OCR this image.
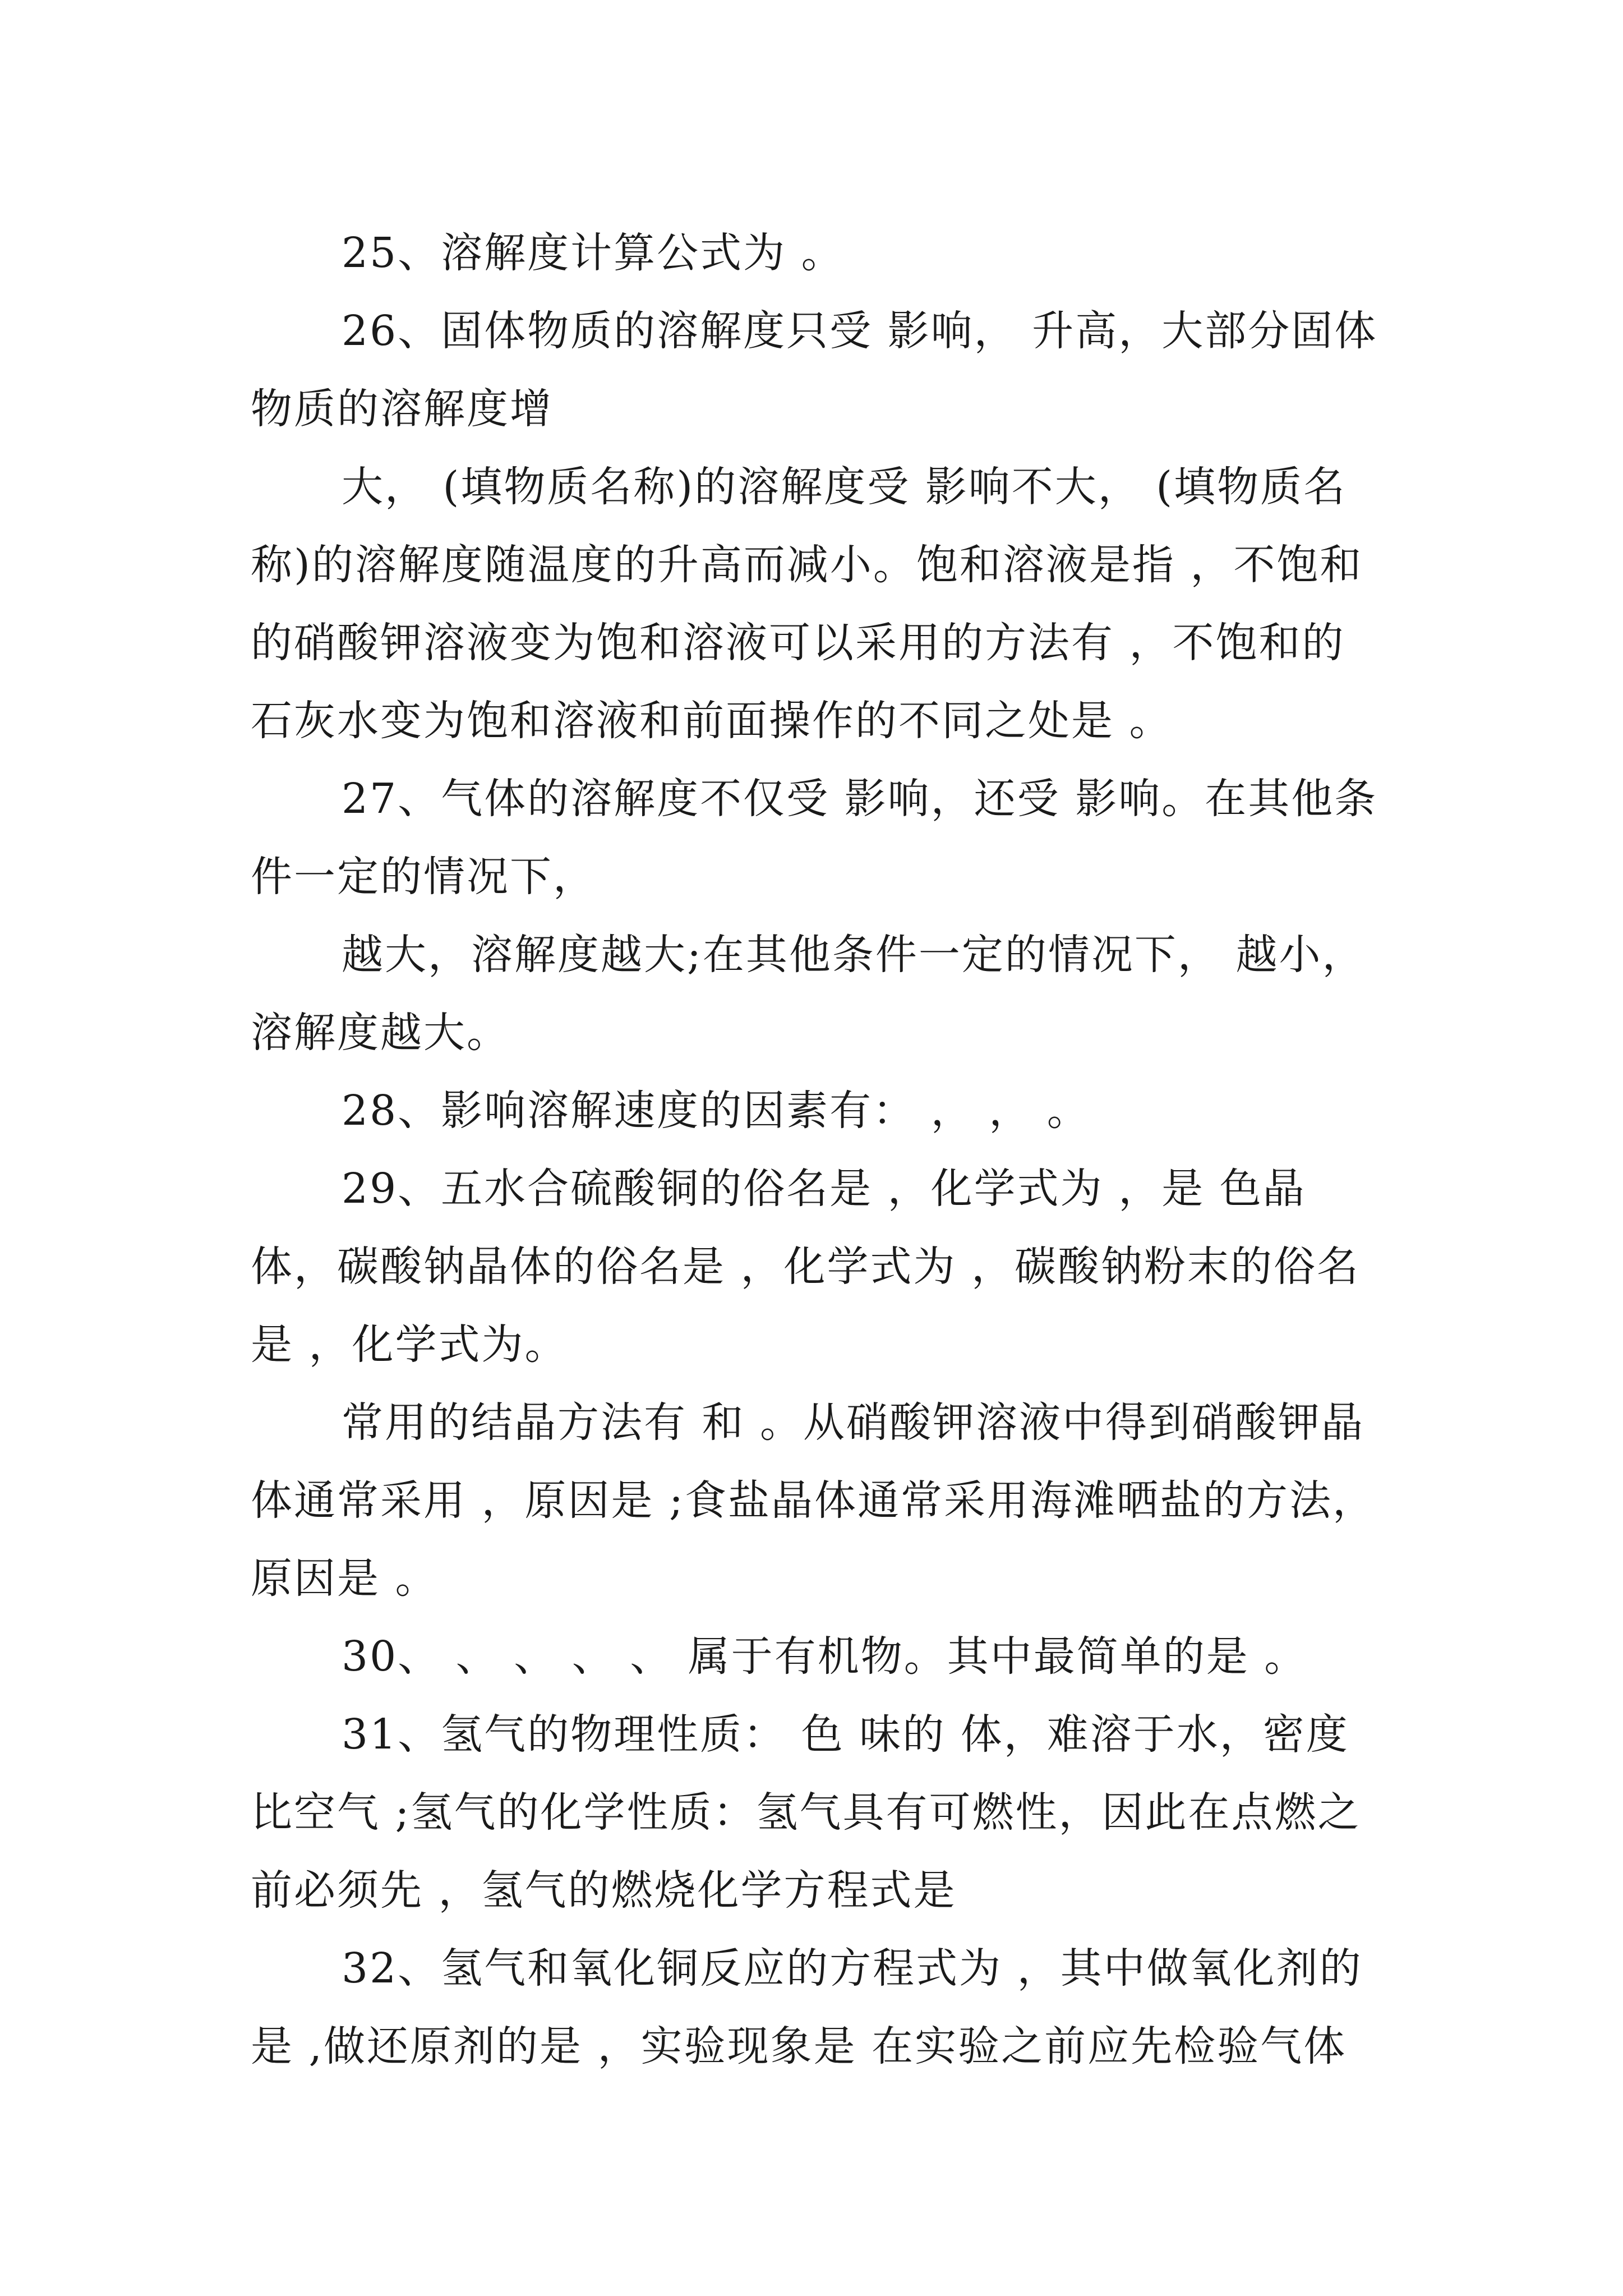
25、溶解度计算公式为 。

26、固体物质的溶解度只受 影响， 升高，大部分固体物质的溶解度增

大， (填物质名称)的溶解度受 影响不大， (填物质名称)的溶解度随温度的升高而减小。饱和溶液是指 ，不饱和的硝酸钾溶液变为饱和溶液可以采用的方法有 ，不饱和的石灰水变为饱和溶液和前面操作的不同之处是 。

27、气体的溶解度不仅受 影响，还受 影响。在其他条件一定的情况下，

越大，溶解度越大;在其他条件一定的情况下， 越小，溶解度越大。

28、影响溶解速度的因素有： ， ， 。

29、五水合硫酸铜的俗名是 ，化学式为 ，是 色晶体，碳酸钠晶体的俗名是 ，化学式为 ，碳酸钠粉末的俗名是 ，化学式为。

常用的结晶方法有 和 。从硝酸钾溶液中得到硝酸钾晶体通常采用 ，原因是 ;食盐晶体通常采用海滩晒盐的方法，原因是 。

30、 、 、 、 、 属于有机物。其中最简单的是 。

31、氢气的物理性质： 色 味的 体，难溶于水，密度比空气 ;氢气的化学性质：氢气具有可燃性，因此在点燃之前必须先 ，氢气的燃烧化学方程式是

32、氢气和氧化铜反应的方程式为 ，其中做氧化剂的是 ,做还原剂的是 ，实验现象是 在实验之前应先检验气体
